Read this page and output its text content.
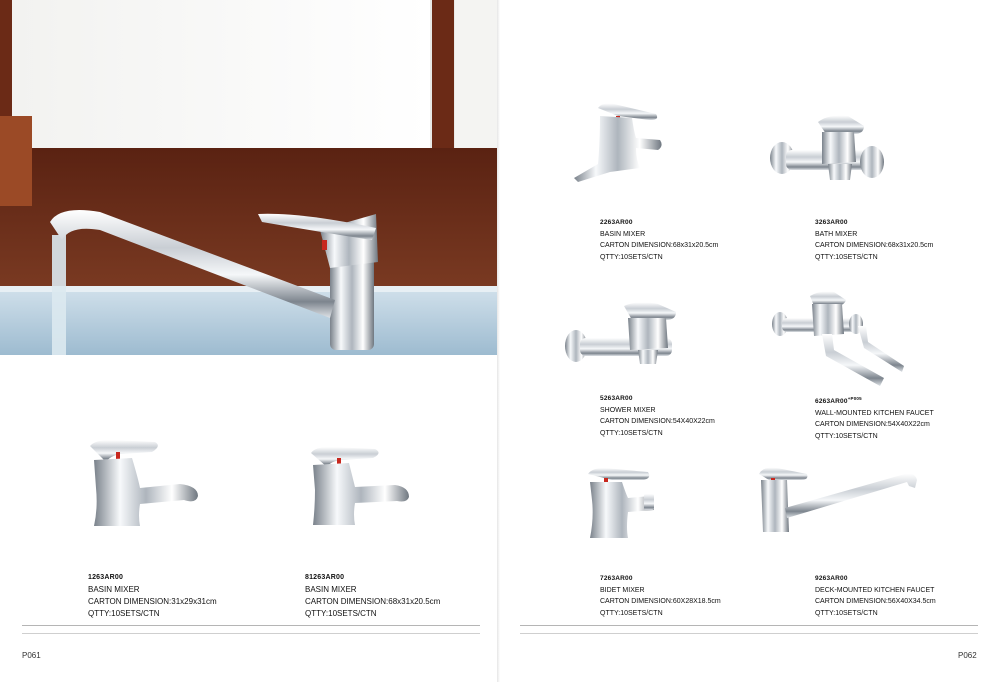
1263AR00
BASIN MIXER
CARTON DIMENSION:31x29x31cm
QTTY:10SETS/CTN
81263AR00
BASIN MIXER
CARTON DIMENSION:68x31x20.5cm
QTTY:10SETS/CTN
P061
2263AR00
BASIN MIXER
CARTON DIMENSION:68x31x20.5cm
QTTY:10SETS/CTN
3263AR00
BATH MIXER
CARTON DIMENSION:68x31x20.5cm
QTTY:10SETS/CTN
5263AR00
SHOWER MIXER
CARTON DIMENSION:54X40X22cm
QTTY:10SETS/CTN
$6263AR00^{+P005}$
WALL-MOUNTED KITCHEN FAUCET
CARTON DIMENSION:54X40X22cm
QTTY:10SETS/CTN
7263AR00
BIDET MIXER
CARTON DIMENSION:60X28X18.5cm
QTTY:10SETS/CTN
9263AR00
DECK-MOUNTED KITCHEN FAUCET
CARTON DIMENSION:56X40X34.5cm
QTTY:10SETS/CTN
P062
